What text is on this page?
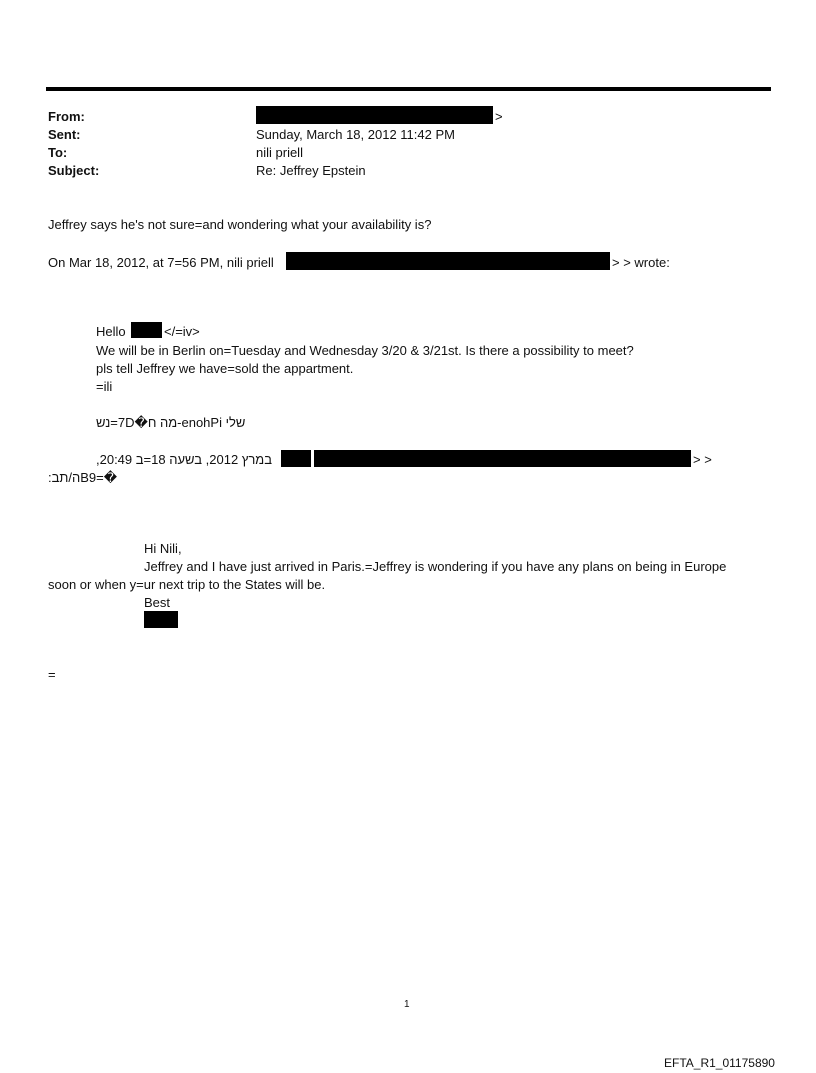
From:	>
Sent:	Sunday, March 18, 2012 11:42 PM
To:	nili priell
Subject:	Re: Jeffrey Epstein
Jeffrey says he's not sure=and wondering what your availability is?
On Mar 18, 2012, at 7=56 PM, nili priell	> > wrote:
Hello	</=iv>
We will be in Berlin on=Tuesday and Wednesday 3/20 & 3/21st. Is there a possibility to meet?
pls tell Jeffrey we have=sold the appartment.
=ili
שלי iPhone-מה ח�D7=נש
,20:49 במרץ 2012, בשעה 18=ב	> >
�=9Bה/תב:
Hi Nili,
Jeffrey and I have just arrived in Paris.=Jeffrey is wondering if you have any plans on being in Europe
soon or when y=ur next trip to the States will be.
Best
=
1
EFTA_R1_01175890
